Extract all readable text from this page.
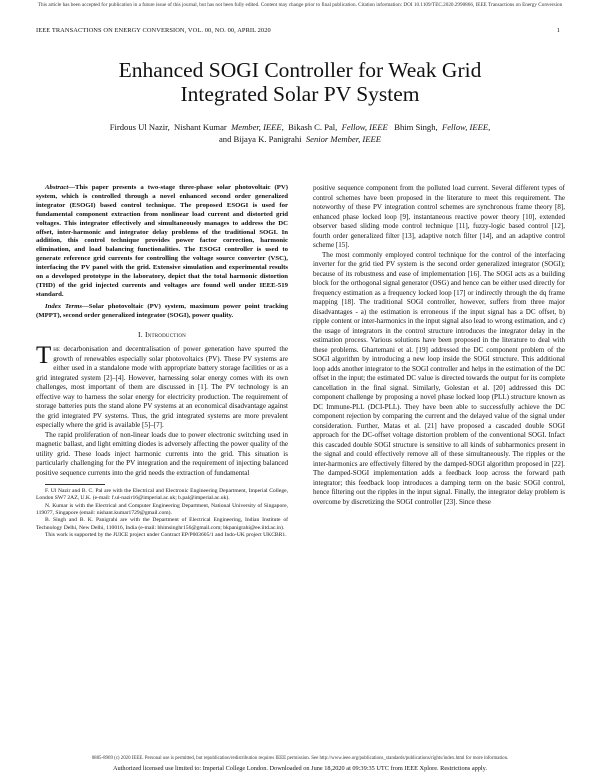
This article has been accepted for publication in a future issue of this journal, but has not been fully edited. Content may change prior to final publication. Citation information: DOI 10.1109/TEC.2020.2990866, IEEE Transactions on Energy Conversion
IEEE TRANSACTIONS ON ENERGY CONVERSION, VOL. 00, NO. 00, APRIL 2020	1
Enhanced SOGI Controller for Weak Grid
Integrated Solar PV System
Firdous Ul Nazir, Nishant Kumar Member, IEEE, Bikash C. Pal, Fellow, IEEE Bhim Singh, Fellow, IEEE,
and Bijaya K. Panigrahi Senior Member, IEEE

Abstract—This paper presents a two-stage three-phase solar photovoltaic (PV) system, which is controlled through a novel enhanced second order generalized integrator (ESOGI) based control technique. The proposed ESOGI is used for fundamental component extraction from nonlinear load current and distorted grid voltages. This integrator effectively and simultaneously manages to address the DC offset, inter-harmonic and integrator delay problems of the traditional SOGI. In addition, this control technique provides power factor correction, harmonic elimination, and load balancing functionalities. The ESOGI controller is used to generate reference grid currents for controlling the voltage source converter (VSC), interfacing the PV panel with the grid. Extensive simulation and experimental results on a developed prototype in the laboratory, depict that the total harmonic distortion (THD) of the grid injected currents and voltages are found well under IEEE-519 standard.

Index Terms—Solar photovoltaic (PV) system, maximum power point tracking (MPPT), second order generalized integrator (SOGI), power quality.

I. Introduction

The decarbonisation and decentralisation of power generation have spurred the growth of renewables especially solar photovoltaics (PV). These PV systems are either used in a standalone mode with appropriate battery storage facilities or as a grid integrated system [2]–[4]. However, harnessing solar energy comes with its own challenges, most important of them are discussed in [1]. The PV technology is an effective way to harness the solar energy for electricity production. The requirement of storage batteries puts the stand alone PV systems at an economical disadvantage against the grid integrated PV systems. Thus, the grid integrated systems are more prevalent especially where the grid is available [5]–[7].

The rapid proliferation of non-linear loads due to power electronic switching used in magnetic ballast, and light emitting diodes is adversely affecting the power quality of the utility grid. These loads inject harmonic currents into the grid. This situation is particularly challenging for the PV integration and the requirement of injecting balanced positive sequence currents into the grid needs the extraction of fundamental

F. Ul Nazir and B. C. Pal are with the Electrical and Electronic Engineering Department, Imperial College, London SW7 2AZ, U.K. (e-mail: f.ul-nazir16@imperial.ac.uk; b.pal@imperial.ac.uk).

N. Kumar is with the Electrical and Computer Engineering Department, National University of Singapore, 119077, Singapore (email: nishant.kumar1729@gmail.com).

B. Singh and B. K. Panigrahi are with the Department of Electrical Engineering, Indian Institute of Technology Delhi, New Delhi, 110016, India (e-mail: bhimsinghr156@gmail.com; bkpanigrahi@ee.iitd.ac.in).

This work is supported by the JUICE project under Contract EP/P003605/1 and Indo-UK project UKCBR1.

positive sequence component from the polluted load current. Several different types of control schemes have been proposed in the literature to meet this requirement. The noteworthy of these PV integration control schemes are synchronous frame theory [8], enhanced phase locked loop [9], instantaneous reactive power theory [10], extended observer based sliding mode control technique [11], fuzzy-logic based control [12], fourth order generalized filter [13], adaptive notch filter [14], and an adaptive control scheme [15].

The most commonly employed control technique for the control of the interfacing inverter for the grid tied PV system is the second order generalized integrator (SOGI); because of its robustness and ease of implementation [16]. The SOGI acts as a building block for the orthogonal signal generator (OSG) and hence can be either used directly for frequency estimation as a frequency locked loop [17] or indirectly through the dq frame mapping [18]. The traditional SOGI controller, however, suffers from three major disadvantages - a) the estimation is erroneous if the input signal has a DC offset, b) ripple content or inter-harmonics in the input signal also lead to wrong estimation, and c) the usage of integrators in the control structure introduces the integrator delay in the estimation process. Various solutions have been proposed in the literature to deal with these problems. Ghartemani et al. [19] addressed the DC component problem of the SOGI algorithm by introducing a new loop inside the SOGI structure. This additional loop adds another integrator to the SOGI controller and helps in the estimation of the DC offset in the input; the estimated DC value is directed towards the output for its complete cancellation in the final signal. Similarly, Golestan et al. [20] addressed this DC component challenge by proposing a novel phase locked loop (PLL) structure known as DC Immune-PLL (DCI-PLL). They have been able to successfully achieve the DC component rejection by comparing the current and the delayed value of the signal under consideration. Further, Matas et al. [21] have proposed a cascaded double SOGI approach for the DC-offset voltage distortion problem of the conventional SOGI. Infact this cascaded double SOGI structure is sensitive to all kinds of subharmonics present in the signal and could effectively remove all of these simultaneously. The ripples or the inter-harmonics are effectively filtered by the damped-SOGI algorithm proposed in [22]. The damped-SOGI implementation adds a feedback loop across the forward path integrator; this feedback loop introduces a damping term on the basic SOGI control, hence filtering out the ripples in the input signal. Finally, the integrator delay problem is overcome by discretizing the SOGI controller [23]. Since these

0885-8969 (c) 2020 IEEE. Personal use is permitted, but republication/redistribution requires IEEE permission. See http://www.ieee.org/publications_standards/publications/rights/index.html for more information.
Authorized licensed use limited to: Imperial College London. Downloaded on June 18,2020 at 09:39:35 UTC from IEEE Xplore. Restrictions apply.
